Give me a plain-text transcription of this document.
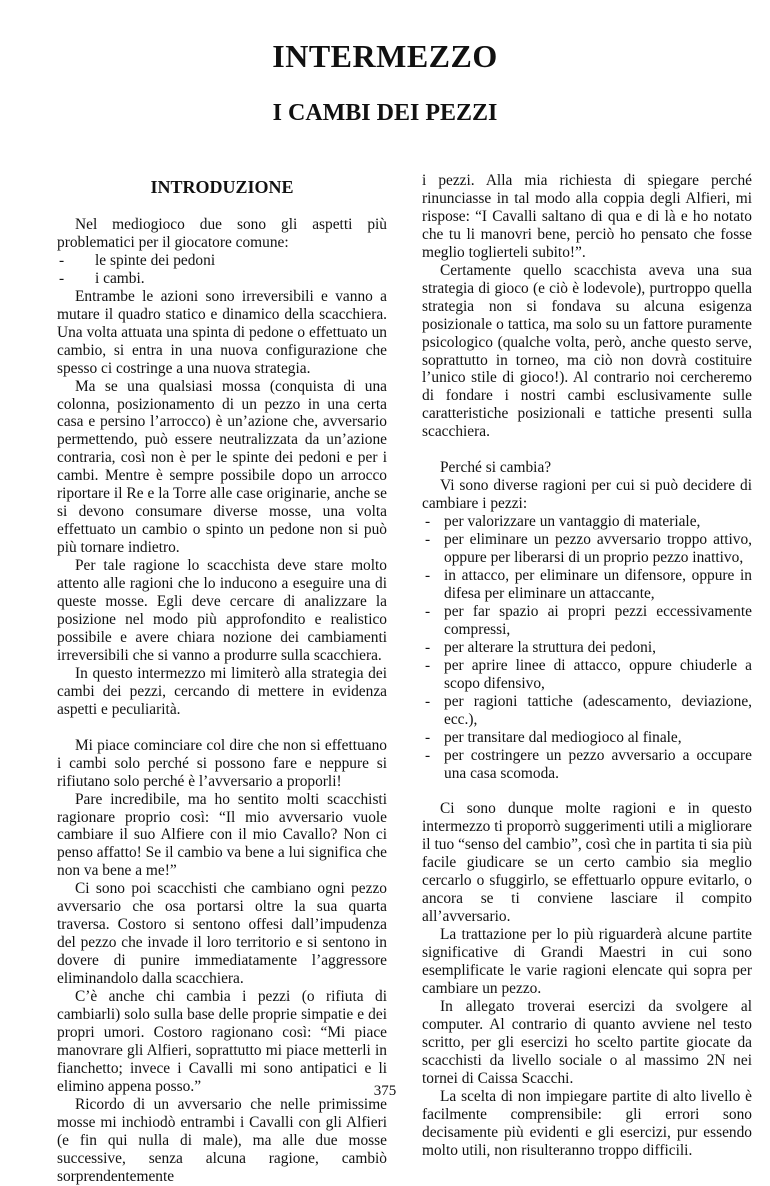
INTERMEZZO
I CAMBI DEI PEZZI
INTRODUZIONE

Nel mediogioco due sono gli aspetti più problematici per il giocatore comune:

- le spinte dei pedoni
- i cambi.

Entrambe le azioni sono irreversibili e vanno a mutare il quadro statico e dinamico della scacchiera. Una volta attuata una spinta di pedone o effettuato un cambio, si entra in una nuova configurazione che spesso ci costringe a una nuova strategia.

Ma se una qualsiasi mossa (conquista di una colonna, posizionamento di un pezzo in una certa casa e persino l’arrocco) è un’azione che, avversario permettendo, può essere neutralizzata da un’azione contraria, così non è per le spinte dei pedoni e per i cambi. Mentre è sempre possibile dopo un arrocco riportare il Re e la Torre alle case originarie, anche se si devono consumare diverse mosse, una volta effettuato un cambio o spinto un pedone non si può più tornare indietro.

Per tale ragione lo scacchista deve stare molto attento alle ragioni che lo inducono a eseguire una di queste mosse. Egli deve cercare di analizzare la posizione nel modo più approfondito e realistico possibile e avere chiara nozione dei cambiamenti irreversibili che si vanno a produrre sulla scacchiera.

In questo intermezzo mi limiterò alla strategia dei cambi dei pezzi, cercando di mettere in evidenza aspetti e peculiarità.

Mi piace cominciare col dire che non si effettuano i cambi solo perché si possono fare e neppure si rifiutano solo perché è l’avversario a proporli!

Pare incredibile, ma ho sentito molti scacchisti ragionare proprio così: “Il mio avversario vuole cambiare il suo Alfiere con il mio Cavallo? Non ci penso affatto! Se il cambio va bene a lui significa che non va bene a me!”

Ci sono poi scacchisti che cambiano ogni pezzo avversario che osa portarsi oltre la sua quarta traversa. Costoro si sentono offesi dall’impudenza del pezzo che invade il loro territorio e si sentono in dovere di punire immediatamente l’aggressore eliminandolo dalla scacchiera.

C’è anche chi cambia i pezzi (o rifiuta di cambiarli) solo sulla base delle proprie simpatie e dei propri umori. Costoro ragionano così: “Mi piace manovrare gli Alfieri, soprattutto mi piace metterli in fianchetto; invece i Cavalli mi sono antipatici e li elimino appena posso.”

Ricordo di un avversario che nelle primissime mosse mi inchiodò entrambi i Cavalli con gli Alfieri (e fin qui nulla di male), ma alle due mosse successive, senza alcuna ragione, cambiò sorprendentemente

i pezzi. Alla mia richiesta di spiegare perché rinunciasse in tal modo alla coppia degli Alfieri, mi rispose: “I Cavalli saltano di qua e di là e ho notato che tu li manovri bene, perciò ho pensato che fosse meglio toglierteli subito!”.

Certamente quello scacchista aveva una sua strategia di gioco (e ciò è lodevole), purtroppo quella strategia non si fondava su alcuna esigenza posizionale o tattica, ma solo su un fattore puramente psicologico (qualche volta, però, anche questo serve, soprattutto in torneo, ma ciò non dovrà costituire l’unico stile di gioco!). Al contrario noi cercheremo di fondare i nostri cambi esclusivamente sulle caratteristiche posizionali e tattiche presenti sulla scacchiera.

Perché si cambia?

Vi sono diverse ragioni per cui si può decidere di cambiare i pezzi:

- per valorizzare un vantaggio di materiale,
- per eliminare un pezzo avversario troppo attivo, oppure per liberarsi di un proprio pezzo inattivo,
- in attacco, per eliminare un difensore, oppure in difesa per eliminare un attaccante,
- per far spazio ai propri pezzi eccessivamente compressi,
- per alterare la struttura dei pedoni,
- per aprire linee di attacco, oppure chiuderle a scopo difensivo,
- per ragioni tattiche (adescamento, deviazione, ecc.),
- per transitare dal mediogioco al finale,
- per costringere un pezzo avversario a occupare una casa scomoda.

Ci sono dunque molte ragioni e in questo intermezzo ti proporrò suggerimenti utili a migliorare il tuo “senso del cambio”, così che in partita ti sia più facile giudicare se un certo cambio sia meglio cercarlo o sfuggirlo, se effettuarlo oppure evitarlo, o ancora se ti conviene lasciare il compito all’avversario.

La trattazione per lo più riguarderà alcune partite significative di Grandi Maestri in cui sono esemplificate le varie ragioni elencate qui sopra per cambiare un pezzo.

In allegato troverai esercizi da svolgere al computer. Al contrario di quanto avviene nel testo scritto, per gli esercizi ho scelto partite giocate da scacchisti da livello sociale o al massimo 2N nei tornei di Caissa Scacchi.

La scelta di non impiegare partite di alto livello è facilmente comprensibile: gli errori sono decisamente più evidenti e gli esercizi, pur essendo molto utili, non risulteranno troppo difficili.

375
